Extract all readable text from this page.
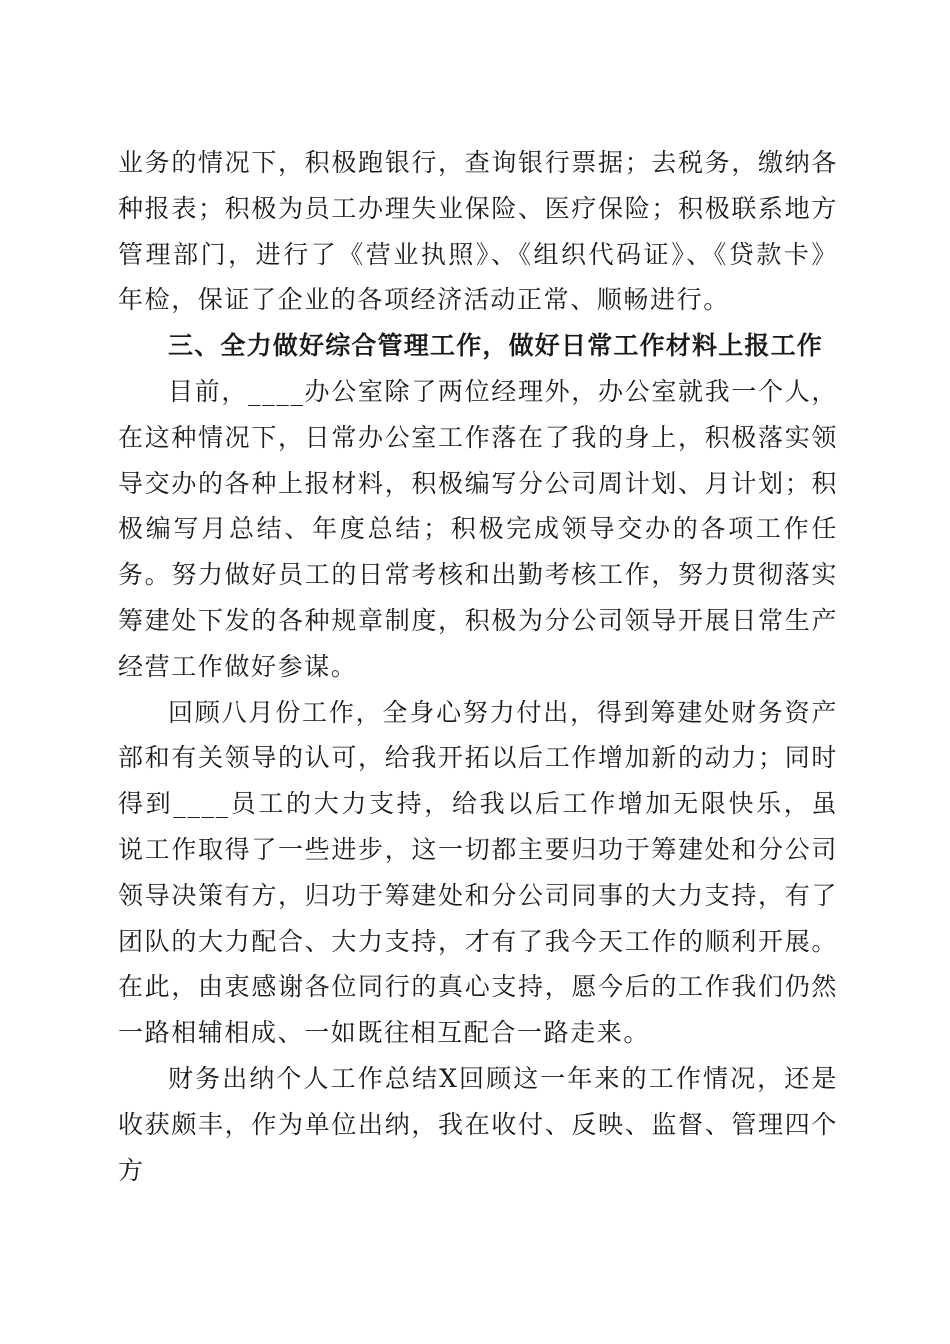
业务的情况下，积极跑银行，查询银行票据；去税务，缴纳各种报表；积极为员工办理失业保险、医疗保险；积极联系地方管理部门，进行了《营业执照》、《组织代码证》、《贷款卡》年检，保证了企业的各项经济活动正常、顺畅进行。

三、全力做好综合管理工作，做好日常工作材料上报工作

目前，____办公室除了两位经理外，办公室就我一个人，在这种情况下，日常办公室工作落在了我的身上，积极落实领导交办的各种上报材料，积极编写分公司周计划、月计划；积极编写月总结、年度总结；积极完成领导交办的各项工作任务。努力做好员工的日常考核和出勤考核工作，努力贯彻落实筹建处下发的各种规章制度，积极为分公司领导开展日常生产经营工作做好参谋。

回顾八月份工作，全身心努力付出，得到筹建处财务资产部和有关领导的认可，给我开拓以后工作增加新的动力；同时得到____员工的大力支持，给我以后工作增加无限快乐，虽说工作取得了一些进步，这一切都主要归功于筹建处和分公司领导决策有方，归功于筹建处和分公司同事的大力支持，有了团队的大力配合、大力支持，才有了我今天工作的顺利开展。在此，由衷感谢各位同行的真心支持，愿今后的工作我们仍然一路相辅相成、一如既往相互配合一路走来。

财务出纳个人工作总结X回顾这一年来的工作情况，还是收获颇丰，作为单位出纳，我在收付、反映、监督、管理四个方
